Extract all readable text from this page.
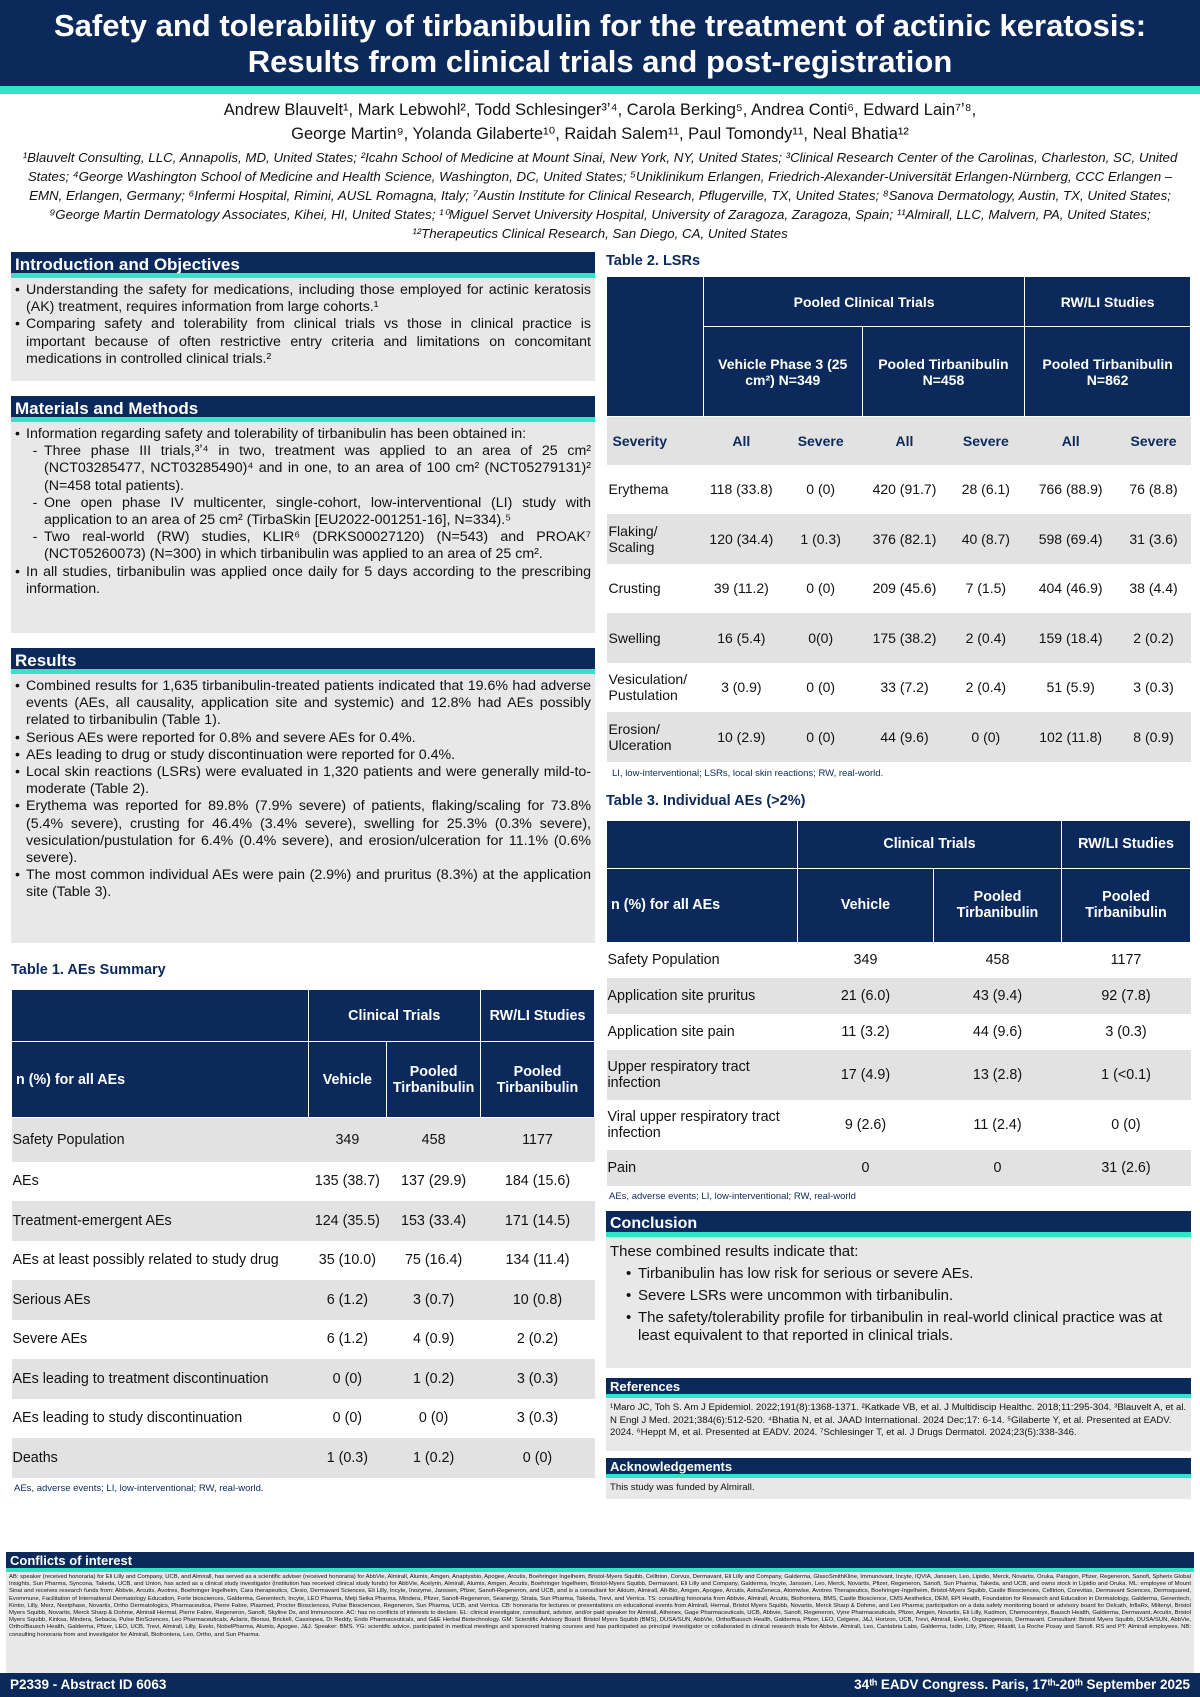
Safety and tolerability of tirbanibulin for the treatment of actinic keratosis:
Results from clinical trials and post-registration
Andrew Blauvelt¹, Mark Lebwohl², Todd Schlesinger³ʼ⁴, Carola Berking⁵, Andrea Conti⁶, Edward Lain⁷ʼ⁸,
George Martin⁹, Yolanda Gilaberte¹⁰, Raidah Salem¹¹, Paul Tomondy¹¹, Neal Bhatia¹²
¹Blauvelt Consulting, LLC, Annapolis, MD, United States; ²Icahn School of Medicine at Mount Sinai, New York, NY, United States; ³Clinical Research Center of the Carolinas, Charleston, SC, United States; ⁴George Washington School of Medicine and Health Science, Washington, DC, United States; ⁵Uniklinikum Erlangen, Friedrich-Alexander-Universität Erlangen-Nürnberg, CCC Erlangen – EMN, Erlangen, Germany; ⁶Infermi Hospital, Rimini, AUSL Romagna, Italy; ⁷Austin Institute for Clinical Research, Pflugerville, TX, United States; ⁸Sanova Dermatology, Austin, TX, United States; ⁹George Martin Dermatology Associates, Kihei, HI, United States; ¹⁰Miguel Servet University Hospital, University of Zaragoza, Zaragoza, Spain; ¹¹Almirall, LLC, Malvern, PA, United States; ¹²Therapeutics Clinical Research, San Diego, CA, United States
Introduction and Objectives
• Understanding the safety for medications, including those employed for actinic keratosis (AK) treatment, requires information from large cohorts.¹
• Comparing safety and tolerability from clinical trials vs those in clinical practice is important because of often restrictive entry criteria and limitations on concomitant medications in controlled clinical trials.²
Materials and Methods
• Information regarding safety and tolerability of tirbanibulin has been obtained in:
- Three phase III trials,³ʼ⁴ in two, treatment was applied to an area of 25 cm² (NCT03285477, NCT03285490)⁴ and in one, to an area of 100 cm² (NCT05279131)² (N=458 total patients).
- One open phase IV multicenter, single-cohort, low-interventional (LI) study with application to an area of 25 cm² (TirbaSkin [EU2022-001251-16], N=334).⁵
- Two real-world (RW) studies, KLIR⁶ (DRKS00027120) (N=543) and PROAK⁷ (NCT05260073) (N=300) in which tirbanibulin was applied to an area of 25 cm².
• In all studies, tirbanibulin was applied once daily for 5 days according to the prescribing information.
Results
• Combined results for 1,635 tirbanibulin-treated patients indicated that 19.6% had adverse events (AEs, all causality, application site and systemic) and 12.8% had AEs possibly related to tirbanibulin (Table 1).
• Serious AEs were reported for 0.8% and severe AEs for 0.4%.
• AEs leading to drug or study discontinuation were reported for 0.4%.
• Local skin reactions (LSRs) were evaluated in 1,320 patients and were generally mild-to-moderate (Table 2).
• Erythema was reported for 89.8% (7.9% severe) of patients, flaking/scaling for 73.8% (5.4% severe), crusting for 46.4% (3.4% severe), swelling for 25.3% (0.3% severe), vesiculation/pustulation for 6.4% (0.4% severe), and erosion/ulceration for 11.1% (0.6% severe).
• The most common individual AEs were pain (2.9%) and pruritus (8.3%) at the application site (Table 3).
Table 1. AEs Summary
	Clinical Trials		RW/LI Studies
n (%) for all AEs	Vehicle	Pooled Tirbanibulin	Pooled Tirbanibulin
Safety Population	349	458	1177
AEs	135 (38.7)	137 (29.9)	184 (15.6)
Treatment-emergent AEs	124 (35.5)	153 (33.4)	171 (14.5)
AEs at least possibly related to study drug	35 (10.0)	75 (16.4)	134 (11.4)
Serious AEs	6 (1.2)	3 (0.7)	10 (0.8)
Severe AEs	6 (1.2)	4 (0.9)	2 (0.2)
AEs leading to treatment discontinuation	0 (0)	1 (0.2)	3 (0.3)
AEs leading to study discontinuation	0 (0)	0 (0)	3 (0.3)
Deaths	1 (0.3)	1 (0.2)	0 (0)
AEs, adverse events; LI, low-interventional; RW, real-world.
Table 2. LSRs
	Pooled Clinical Trials				RW/LI Studies	
	Vehicle Phase 3 (25 cm²) N=349		Pooled Tirbanibulin N=458		Pooled Tirbanibulin N=862	
Severity	All	Severe	All	Severe	All	Severe
Erythema	118 (33.8)	0 (0)	420 (91.7)	28 (6.1)	766 (88.9)	76 (8.8)
Flaking/ Scaling	120 (34.4)	1 (0.3)	376 (82.1)	40 (8.7)	598 (69.4)	31 (3.6)
Crusting	39 (11.2)	0 (0)	209 (45.6)	7 (1.5)	404 (46.9)	38 (4.4)
Swelling	16 (5.4)	0(0)	175 (38.2)	2 (0.4)	159 (18.4)	2 (0.2)
Vesiculation/ Pustulation	3 (0.9)	0 (0)	33 (7.2)	2 (0.4)	51 (5.9)	3 (0.3)
Erosion/ Ulceration	10 (2.9)	0 (0)	44 (9.6)	0 (0)	102 (11.8)	8 (0.9)
LI, low-interventional; LSRs, local skin reactions; RW, real-world.
Table 3. Individual AEs (>2%)
	Clinical Trials		RW/LI Studies
n (%) for all AEs	Vehicle	Pooled Tirbanibulin	Pooled Tirbanibulin
Safety Population	349	458	1177
Application site pruritus	21 (6.0)	43 (9.4)	92 (7.8)
Application site pain	11 (3.2)	44 (9.6)	3 (0.3)
Upper respiratory tract infection	17 (4.9)	13 (2.8)	1 (<0.1)
Viral upper respiratory tract infection	9 (2.6)	11 (2.4)	0 (0)
Pain	0	0	31 (2.6)
AEs, adverse events; LI, low-interventional; RW, real-world
Conclusion
These combined results indicate that:
• Tirbanibulin has low risk for serious or severe AEs.
• Severe LSRs were uncommon with tirbanibulin.
• The safety/tolerability profile for tirbanibulin in real-world clinical practice was at least equivalent to that reported in clinical trials.
References
¹Maro JC, Toh S. Am J Epidemiol. 2022;191(8):1368-1371. ²Katkade VB, et al. J Multidiscip Healthc. 2018;11:295-304. ³Blauvelt A, et al. N Engl J Med. 2021;384(6):512-520. ⁴Bhatia N, et al. JAAD International. 2024 Dec;17: 6-14. ⁵Gilaberte Y, et al. Presented at EADV. 2024. ⁶Heppt M, et al. Presented at EADV. 2024. ⁷Schlesinger T, et al. J Drugs Dermatol. 2024;23(5):338-346.
Acknowledgements
This study was funded by Almirall.
Conflicts of interest
AB: speaker (received honoraria) for Eli Lilly and Company, UCB, and Almirall, has served as a scientific adviser (received honoraria) for AbbVie, Almirall, Alumis, Amgen, Anaptysbio, Apogee, Arcutis, Boehringer Ingelheim, Bristol-Myers Squibb, Celltrion, Corvus, Dermavant, Eli Lilly and Company, Galderma, GlaxoSmithKline, Immunovant, Incyte, IQVIA, Janssen, Leo, Lipidio, Merck, Novartis, Oruka, Paragon, Pfizer, Regeneron, Sanofi, Spherix Global Insights, Sun Pharma, Syncona, Takeda, UCB, and Union, has acted as a clinical study investigator (institution has received clinical study funds) for AbbVie, Acelyrin, Almirall, Alumis, Amgen, Arcutis, Boehringer Ingelheim, Bristol-Myers Squibb, Dermavant, Eli Lilly and Company, Galderma, Incyte, Janssen, Leo, Merck, Novartis, Pfizer, Regeneron, Sanofi, Sun Pharma, Takeda, and UCB, and owns stock in Lipidio and Oruka. ML: employee of Mount Sinai and receives research funds from: Abbvie, Arcutis, Avotres, Boehringer Ingelheim, Cara therapeutics, Clexio, Dermavant Sciences, Eli Lilly, Incyte, Inozyme, Janssen, Pfizer, Sanofi-Regeneron, and UCB, and is a consultant for Aikium, Almirall, Alt-Bio, Amgen, Apogee, Arcutis, AstraZeneca, Atomwise, Avotres Therapeutics, Boehringer-Ingelheim, Bristol-Myers Squibb, Castle Biosciences, Celltrion, Corevitas, Dermavant Sciences, Dermsquared, Evommune, Facilitation of International Dermatology Education, Forte biosciences, Galderma, Genentech, Incyte, LEO Pharma, Meiji Seika Pharma, Mindera, Pfizer, Sanofi-Regeneron, Seanergy, Strata, Sun Pharma, Takeda, Trevi, and Verrica. TS: consulting honoraria from Abbvie, Almirall, Arcutis, Biofrontera, BMS, Castle Bioscience, CMS Aesthetics, DEM, EPI Health, Foundation for Research and Education in Dermatology, Galderma, Genentech, Kintor, Lilly, Merz, Nextphase, Novartis, Ortho Dermatologics, Pharmaceutica, Pierre Fabre, Plasmed, Procter Biosciences, Pulse Biosciences, Regeneron, Sun Pharma, UCB, and Verrica. CB: honoraria for lectures or presentations on educational events from Almirall, Hermal, Bristol Myers Squibb, Novartis, Merck Sharp & Dohme, and Leo Pharma; participation on a data safety monitoring board or advisory board for Delcath, InflaRx, Miltenyi, Bristol Myers Squibb, Novartis, Merck Sharp & Dohme, Almirall Hermal, Pierre Fabre, Regeneron, Sanofi, Skyline Dx, and Immunocore. AC: has no conflicts of interests to declare. EL: clinical investigator, consultant, advisor, and/or paid speaker for Almirall, Athenex, Gage Pharmaceuticals, UCB, Abbvie, Sanofi, Regeneron, Vyne Pharmaceuticals, Pfizer, Amgen, Novartis, Eli Lilly, Kadmon, Chemocentryx, Bausch Health, Galderma, Dermavant, Arcutis, Bristol Myers Squibb, Kinksa, Mindera, Sebacia, Pulse BioSciences, Leo Pharmaceuticals, Aclaris, Biorasi, Brickell, Cassiopea, Dr Reddy, Endo Pharmaceuticals, and G&E Herbal Biotechnology. GM: Scientific Advisory Board: Bristol Myers Squibb (BMS), DUSA/SUN, AbbVie, Ortho/Bausch Health, Galderma, Pfizer, LEO, Celgene, J&J, Horizon, UCB, Trevi, Almirall, Evelo, Organogenesis, Dermavant. Consultant: Bristol Myers Squibb, DUSA/SUN, AbbVie, Ortho/Bausch Health, Galderma, Pfizer, LEO, UCB, Trevi, Almirall, Lilly, Evelo, NobelPharma, Alumis, Apogee, J&J. Speaker: BMS. YG: scientific advice, participated in medical meetings and sponsored training courses and has participated as principal investigator or collaborated in clinical research trials for Abbvie, Almirall, Leo, Cantabria Labs, Galderma, Isdin, Lilly, Pfizer, Rilastil, La Roche Posay and Sanofi. RS and PT: Almirall employees. NB: consulting honoraria from and investigator for Almirall, Biofrontera, Leo, Ortho, and Sun Pharma.
P2339 - Abstract ID 6063	34ᵗʰ EADV Congress. Paris, 17ᵗʰ-20ᵗʰ September 2025
